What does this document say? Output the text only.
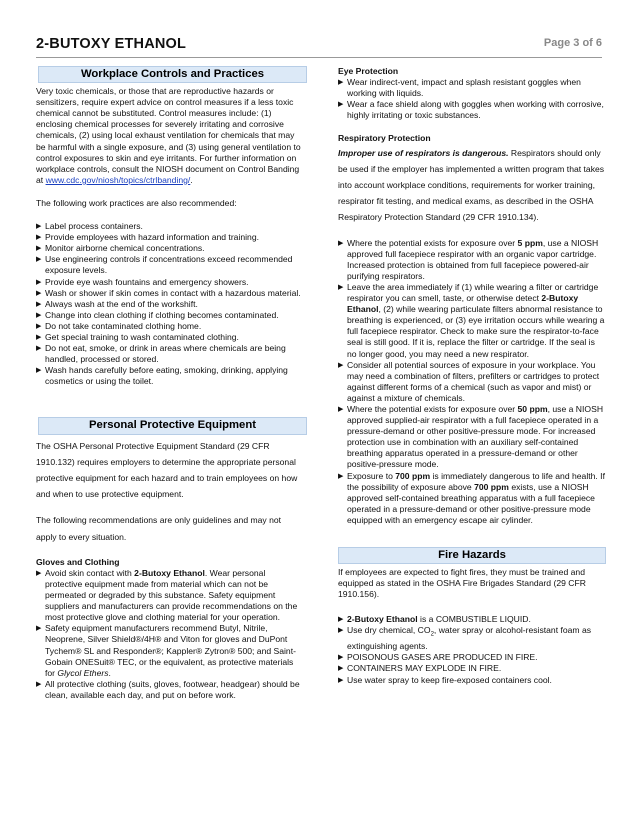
2-BUTOXY ETHANOL	Page 3 of 6
Workplace Controls and Practices

Very toxic chemicals, or those that are reproductive hazards or sensitizers, require expert advice on control measures if a less toxic chemical cannot be substituted. Control measures include: (1) enclosing chemical processes for severely irritating and corrosive chemicals, (2) using local exhaust ventilation for chemicals that may be harmful with a single exposure, and (3) using general ventilation to control exposures to skin and eye irritants. For further information on workplace controls, consult the NIOSH document on Control Banding at www.cdc.gov/niosh/topics/ctrlbanding/.

The following work practices are also recommended:

▶ Label process containers.
▶ Provide employees with hazard information and training.
▶ Monitor airborne chemical concentrations.
▶ Use engineering controls if concentrations exceed recommended exposure levels.
▶ Provide eye wash fountains and emergency showers.
▶ Wash or shower if skin comes in contact with a hazardous material.
▶ Always wash at the end of the workshift.
▶ Change into clean clothing if clothing becomes contaminated.
▶ Do not take contaminated clothing home.
▶ Get special training to wash contaminated clothing.
▶ Do not eat, smoke, or drink in areas where chemicals are being handled, processed or stored.
▶ Wash hands carefully before eating, smoking, drinking, applying cosmetics or using the toilet.
Personal Protective Equipment

The OSHA Personal Protective Equipment Standard (29 CFR 1910.132) requires employers to determine the appropriate personal protective equipment for each hazard and to train employees on how and when to use protective equipment.

The following recommendations are only guidelines and may not apply to every situation.

Gloves and Clothing

▶ Avoid skin contact with 2-Butoxy Ethanol. Wear personal protective equipment made from material which can not be permeated or degraded by this substance. Safety equipment suppliers and manufacturers can provide recommendations on the most protective glove and clothing material for your operation.
▶ Safety equipment manufacturers recommend Butyl, Nitrile, Neoprene, Silver Shield®/4H® and Viton for gloves and DuPont Tychem® SL and Responder®; Kappler® Zytron® 500; and Saint-Gobain ONESuit® TEC, or the equivalent, as protective materials for Glycol Ethers.
▶ All protective clothing (suits, gloves, footwear, headgear) should be clean, available each day, and put on before work.

Eye Protection

▶ Wear indirect-vent, impact and splash resistant goggles when working with liquids.
▶ Wear a face shield along with goggles when working with corrosive, highly irritating or toxic substances.

Respiratory Protection

Improper use of respirators is dangerous. Respirators should only be used if the employer has implemented a written program that takes into account workplace conditions, requirements for worker training, respirator fit testing, and medical exams, as described in the OSHA Respiratory Protection Standard (29 CFR 1910.134).

▶ Where the potential exists for exposure over 5 ppm, use a NIOSH approved full facepiece respirator with an organic vapor cartridge. Increased protection is obtained from full facepiece powered-air purifying respirators.
▶ Leave the area immediately if (1) while wearing a filter or cartridge respirator you can smell, taste, or otherwise detect 2-Butoxy Ethanol, (2) while wearing particulate filters abnormal resistance to breathing is experienced, or (3) eye irritation occurs while wearing a full facepiece respirator. Check to make sure the respirator-to-face seal is still good. If it is, replace the filter or cartridge. If the seal is no longer good, you may need a new respirator.
▶ Consider all potential sources of exposure in your workplace. You may need a combination of filters, prefilters or cartridges to protect against different forms of a chemical (such as vapor and mist) or against a mixture of chemicals.
▶ Where the potential exists for exposure over 50 ppm, use a NIOSH approved supplied-air respirator with a full facepiece operated in a pressure-demand or other positive-pressure mode. For increased protection use in combination with an auxiliary self-contained breathing apparatus operated in a pressure-demand or other positive-pressure mode.
▶ Exposure to 700 ppm is immediately dangerous to life and health. If the possibility of exposure above 700 ppm exists, use a NIOSH approved self-contained breathing apparatus with a full facepiece operated in a pressure-demand or other positive-pressure mode equipped with an emergency escape air cylinder.
Fire Hazards

If employees are expected to fight fires, they must be trained and equipped as stated in the OSHA Fire Brigades Standard (29 CFR 1910.156).

▶ 2-Butoxy Ethanol is a COMBUSTIBLE LIQUID.
▶ Use dry chemical, $CO_2$, water spray or alcohol-resistant foam as extinguishing agents.
▶ POISONOUS GASES ARE PRODUCED IN FIRE.
▶ CONTAINERS MAY EXPLODE IN FIRE.
▶ Use water spray to keep fire-exposed containers cool.
